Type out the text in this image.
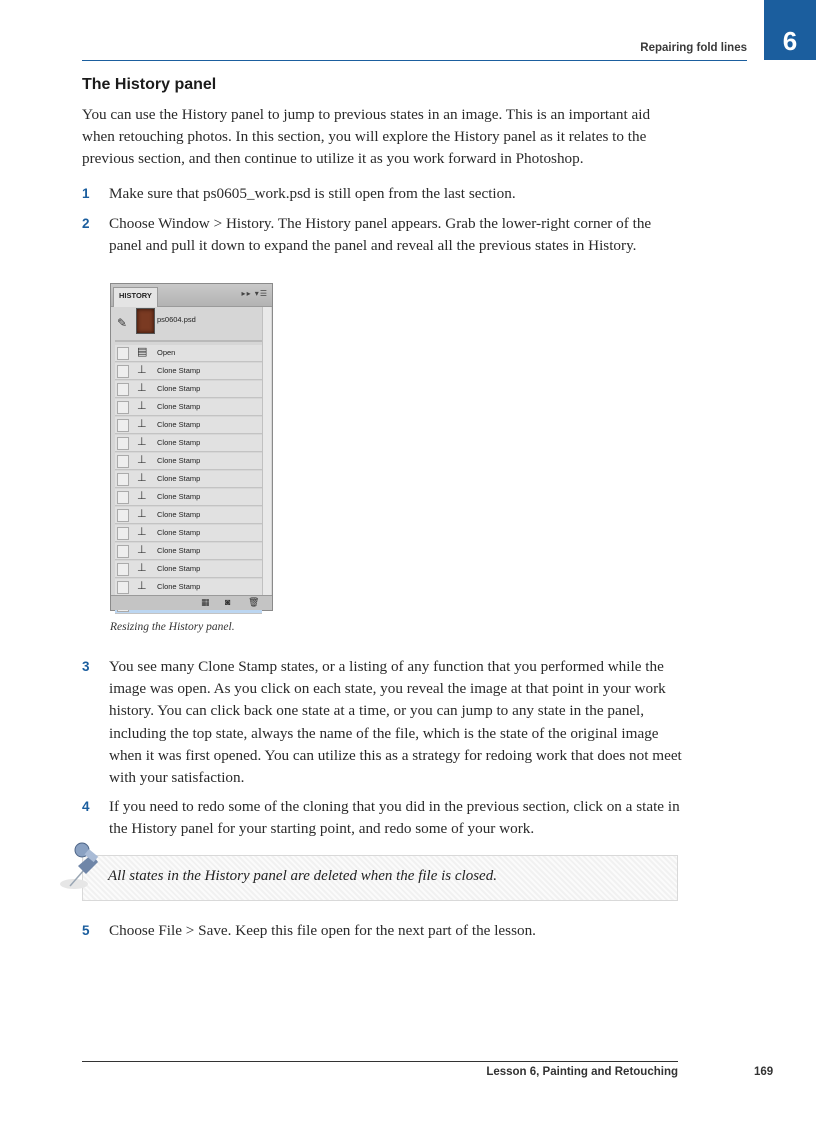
Repairing fold lines	6
The History panel

You can use the History panel to jump to previous states in an image. This is an important aid when retouching photos. In this section, you will explore the History panel as it relates to the previous section, and then continue to utilize it as you work forward in Photoshop.

1 Make sure that ps0605_work.psd is still open from the last section.
2 Choose Window > History. The History panel appears. Grab the lower-right corner of the panel and pull it down to expand the panel and reveal all the previous states in History.
HISTORY	▸▸ ▾☰
✎	ps0604.psd
▤ Open
⊥ Clone Stamp
⊥ Clone Stamp
⊥ Clone Stamp
⊥ Clone Stamp
⊥ Clone Stamp
⊥ Clone Stamp
⊥ Clone Stamp
⊥ Clone Stamp
⊥ Clone Stamp
⊥ Clone Stamp
⊥ Clone Stamp
⊥ Clone Stamp
⊥ Clone Stamp
▦ ◙ 🗑
Resizing the History panel.
3 You see many Clone Stamp states, or a listing of any function that you performed while the image was open. As you click on each state, you reveal the image at that point in your work history. You can click back one state at a time, or you can jump to any state in the panel, including the top state, always the name of the file, which is the state of the original image when it was first opened. You can utilize this as a strategy for redoing work that does not meet with your satisfaction.
4 If you need to redo some of the cloning that you did in the previous section, click on a state in the History panel for your starting point, and redo some of your work.
All states in the History panel are deleted when the file is closed.
5 Choose File > Save. Keep this file open for the next part of the lesson.
Lesson 6, Painting and Retouching	169
